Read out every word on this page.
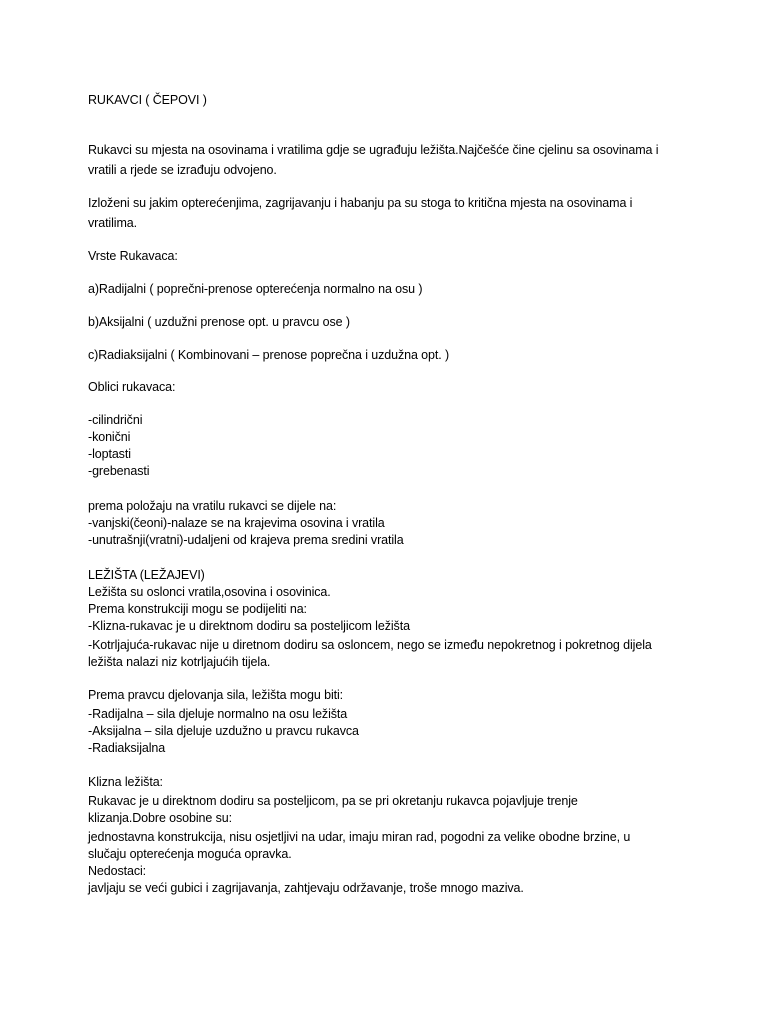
RUKAVCI ( ČEPOVI )
Rukavci su mjesta na osovinama i vratilima gdje se ugrađuju ležišta.Najčešće čine cjelinu sa osovinama i
vratili a rjede se izrađuju odvojeno.
Izloženi su jakim opterećenjima, zagrijavanju i habanju pa su stoga to kritična mjesta na osovinama i
vratilima.
Vrste Rukavaca:
a)Radijalni ( poprečni-prenose opterećenja normalno na osu )
b)Aksijalni ( uzdužni prenose opt. u pravcu ose )
c)Radiaksijalni ( Kombinovani – prenose poprečna i uzdužna opt. )
Oblici rukavaca:
-cilindrični
-konični
-loptasti
-grebenasti
prema položaju na vratilu rukavci se dijele na:
-vanjski(čeoni)-nalaze se na krajevima osovina i vratila
-unutrašnji(vratni)-udaljeni od krajeva prema sredini vratila
LEŽIŠTA (LEŽAJEVI)
Ležišta su oslonci vratila,osovina i osovinica.
Prema konstrukciji mogu se podijeliti na:
-Klizna-rukavac je u direktnom dodiru sa posteljicom ležišta
-Kotrljajuća-rukavac nije u diretnom dodiru sa osloncem, nego se između nepokretnog i pokretnog dijela
ležišta nalazi niz kotrljajućih tijela.
Prema pravcu djelovanja sila, ležišta mogu biti:
-Radijalna – sila djeluje normalno na osu ležišta
-Aksijalna – sila djeluje uzdužno u pravcu rukavca
-Radiaksijalna
Klizna ležišta:
Rukavac je u direktnom dodiru sa posteljicom, pa se pri okretanju rukavca pojavljuje trenje
klizanja.Dobre osobine su:
jednostavna konstrukcija, nisu osjetljivi na udar, imaju miran rad, pogodni za velike obodne brzine, u
slučaju opterećenja moguća opravka.
Nedostaci:
javljaju se veći gubici i zagrijavanja, zahtjevaju održavanje, troše mnogo maziva.
